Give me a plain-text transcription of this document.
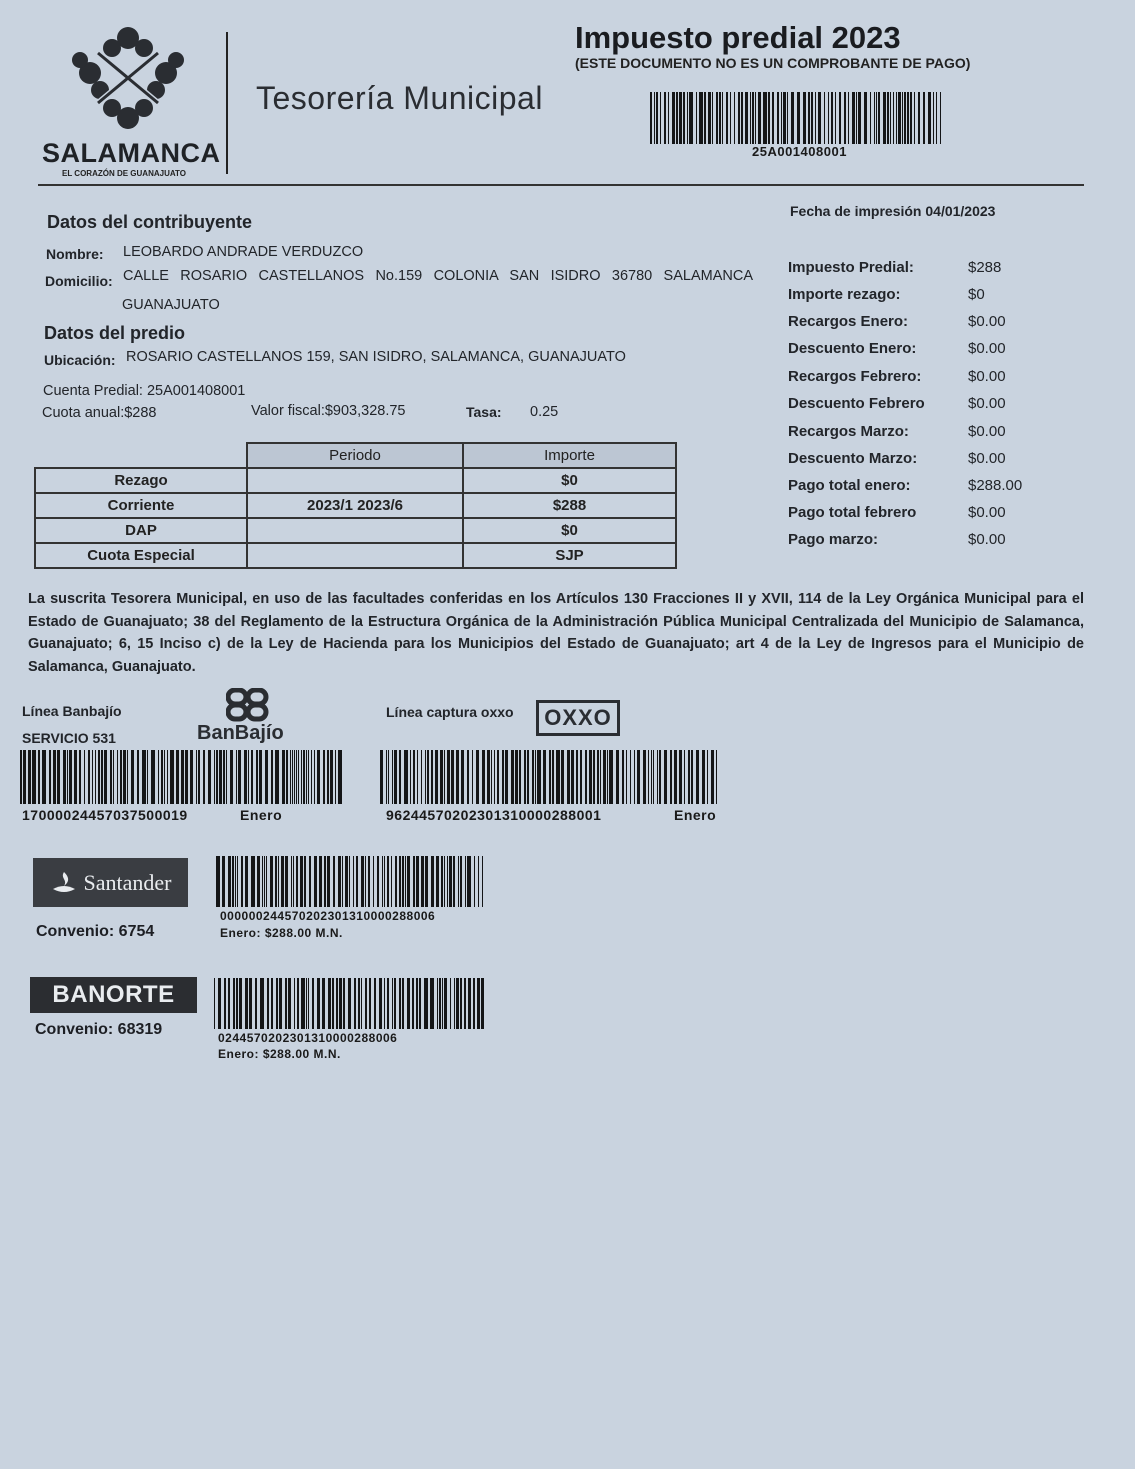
SALAMANCA
EL CORAZÓN DE GUANAJUATO
Tesorería Municipal
Impuesto predial 2023
(ESTE DOCUMENTO NO ES UN COMPROBANTE DE PAGO)
25A001408001
Fecha de impresión 04/01/2023
Impuesto Predial:	$288
Importe rezago:	$0
Recargos Enero:	$0.00
Descuento Enero:	$0.00
Recargos Febrero:	$0.00
Descuento Febrero	$0.00
Recargos Marzo:	$0.00
Descuento Marzo:	$0.00
Pago total enero:	$288.00
Pago total febrero	$0.00
Pago marzo:	$0.00
Datos del contribuyente
Nombre: LEOBARDO ANDRADE VERDUZCO
Domicilio: CALLE ROSARIO CASTELLANOS No.159 COLONIA SAN ISIDRO 36780 SALAMANCA
GUANAJUATO
Datos del predio
Ubicación: ROSARIO CASTELLANOS 159, SAN ISIDRO, SALAMANCA, GUANAJUATO
Cuenta Predial: 25A001408001
Cuota anual:$288	Valor fiscal:$903,328.75	Tasa: 0.25
	Periodo	Importe
Rezago		$0
Corriente	2023/1 2023/6	$288
DAP		$0
Cuota Especial		SJP
La suscrita Tesorera Municipal, en uso de las facultades conferidas en los Artículos 130 Fracciones II y XVII, 114 de la Ley Orgánica Municipal para el Estado de Guanajuato; 38 del Reglamento de la Estructura Orgánica de la Administración Pública Municipal Centralizada del Municipio de Salamanca, Guanajuato; 6, 15 Inciso c) de la Ley de Hacienda para los Municipios del Estado de Guanajuato; art 4 de la Ley de Ingresos para el Municipio de Salamanca, Guanajuato.
Línea Banbajío
SERVICIO 531	BanBajío
17000024457037500019	Enero
Línea captura oxxo OXXO
9624457020230131000028800​1	Enero
Santander
Convenio: 6754
000000244570202301310000288006
Enero: $288.00 M.N.
BANORTE
Convenio: 68319	024457020230131000028800​6
Enero: $288.00 M.N.
